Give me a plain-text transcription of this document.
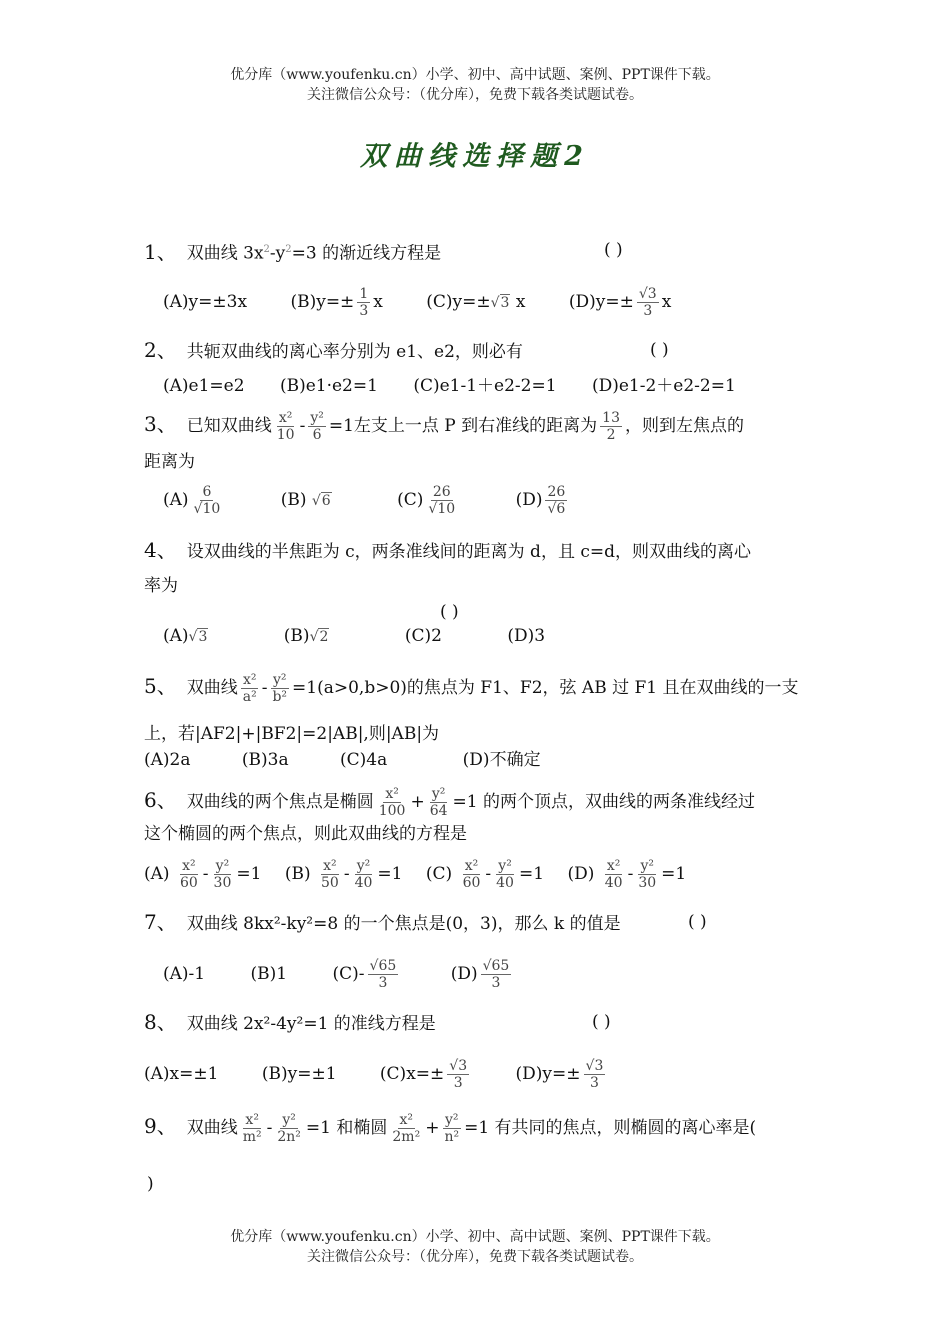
优分库（www.youfenku.cn）小学、初中、高中试题、案例、PPT课件下载。
关注微信公众号：（优分库），免费下载各类试题试卷。
双曲线选择题2
1、 双曲线 $3x^2-y^2=3$ 的渐近线方程是	( )
(A)y=±3x	$(B)y=\pm \frac{1}{3}$ x	(C)y=±√3 x	$(D)y=\pm \frac{√3}{3}$ x
2、 共轭双曲线的离心率分别为 e1、e2，则必有	( )
(A)e1=e2 (B)e1·e2=1 (C)e1-1＋e2-2=1 (D)e1-2＋e2-2=1
3、 已知双曲线 $\frac{\text{x²}}{10} - \frac{\text{y²}}{6} =1$左支上一点 P 到右准线的距离为 $\frac{13}{2}$ ，则到左焦点的
距离为
$(A) \frac{6}{√10}$	(B) √6	$(C) \frac{26}{√10}$	$(D) \frac{26}{√6}$
4、 设双曲线的半焦距为 c，两条准线间的距离为 d，且 c=d，则双曲线的离心
率为
( )
(A)√3	(B)√2	(C)2	(D)3
5、 双曲线 $\frac{\text{x²}}{\text{a²}} - \frac{\text{y²}}{\text{b²}} =1(a>0,b>0)$的焦点为 F1、F2，弦 AB 过 F1 且在双曲线的一支
上，若|AF2|+|BF2|=2|AB|,则|AB|为
(A)2a	(B)3a	(C)4a	(D)不确定
6、 双曲线的两个焦点是椭圆 $\frac{\text{x²}}{100} + \frac{\text{y²}}{64} =1$ 的两个顶点，双曲线的两条准线经过
这个椭圆的两个焦点，则此双曲线的方程是
$(A) \frac{\text{x²}}{60} - \frac{\text{y²}}{30} =1$ $(B) \frac{\text{x²}}{50} - \frac{\text{y²}}{40} =1$ $(C) \frac{\text{x²}}{60} - \frac{\text{y²}}{40} =1$ $(D) \frac{\text{x²}}{40} - \frac{\text{y²}}{30} =1$
7、 双曲线 8kx²-ky²=8 的一个焦点是(0，3)，那么 k 的值是	( )
(A)-1	(B)1	$(C)- \frac{√65}{3}$	$(D) \frac{√65}{3}$
8、 双曲线 2x²-4y²=1 的准线方程是	( )
(A)x=±1	(B)y=±1	$(C)x=\pm \frac{√3}{3}$	$(D)y=\pm \frac{√3}{3}$
9、 双曲线 $\frac{\text{x²}}{\text{m²}} - \frac{\text{y²}}{\text{2n²}} =1$ 和椭圆 $\frac{\text{x²}}{\text{2m²}} + \frac{\text{y²}}{\text{n²}} =1$ 有共同的焦点，则椭圆的离心率是(
)
优分库（www.youfenku.cn）小学、初中、高中试题、案例、PPT课件下载。
关注微信公众号：（优分库），免费下载各类试题试卷。
